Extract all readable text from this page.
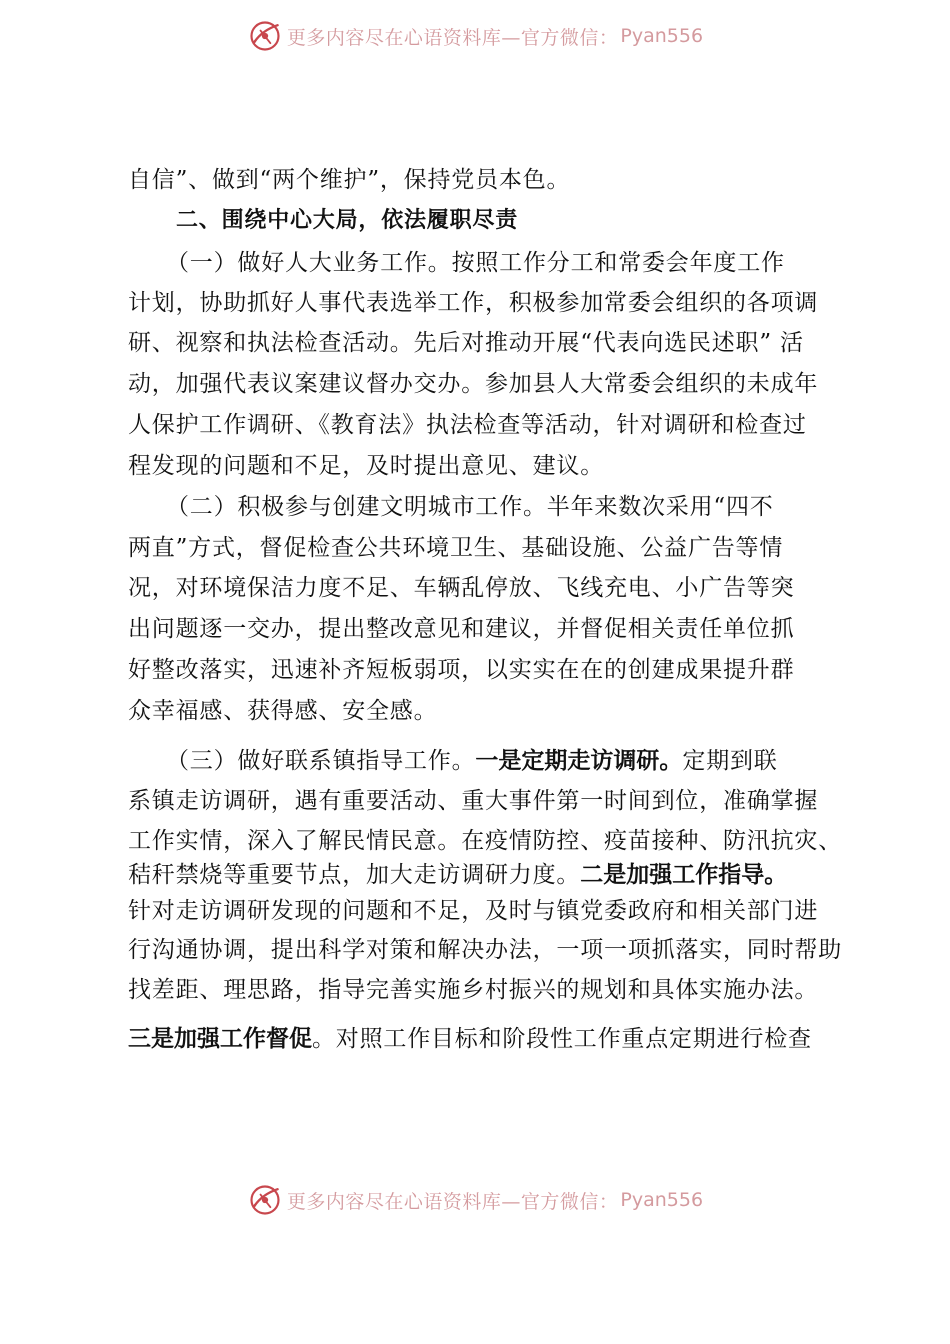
更多内容尽在心语资料库—官方微信： Pyan556
自信”、做到“两个维护”，保持党员本色。
二、围绕中心大局，依法履职尽责
（一）做好人大业务工作。按照工作分工和常委会年度工作
计划，协助抓好人事代表选举工作，积极参加常委会组织的各项调
研、视察和执法检查活动。先后对推动开展“代表向选民述职” 活
动，加强代表议案建议督办交办。参加县人大常委会组织的未成年
人保护工作调研、《教育法》执法检查等活动，针对调研和检查过
程发现的问题和不足，及时提出意见、建议。
（二）积极参与创建文明城市工作。半年来数次采用“四不
两直”方式，督促检查公共环境卫生、基础设施、公益广告等情
况，对环境保洁力度不足、车辆乱停放、飞线充电、小广告等突
出问题逐一交办，提出整改意见和建议，并督促相关责任单位抓
好整改落实，迅速补齐短板弱项，以实实在在的创建成果提升群
众幸福感、获得感、安全感。
（三）做好联系镇指导工作。一是定期走访调研。定期到联
系镇走访调研，遇有重要活动、重大事件第一时间到位，准确掌握
工作实情，深入了解民情民意。在疫情防控、疫苗接种、防汛抗灾、
秸秆禁烧等重要节点，加大走访调研力度。二是加强工作指导。
针对走访调研发现的问题和不足，及时与镇党委政府和相关部门进
行沟通协调，提出科学对策和解决办法，一项一项抓落实，同时帮助
找差距、理思路，指导完善实施乡村振兴的规划和具体实施办法。
三是加强工作督促。对照工作目标和阶段性工作重点定期进行检查
更多内容尽在心语资料库—官方微信： Pyan556
